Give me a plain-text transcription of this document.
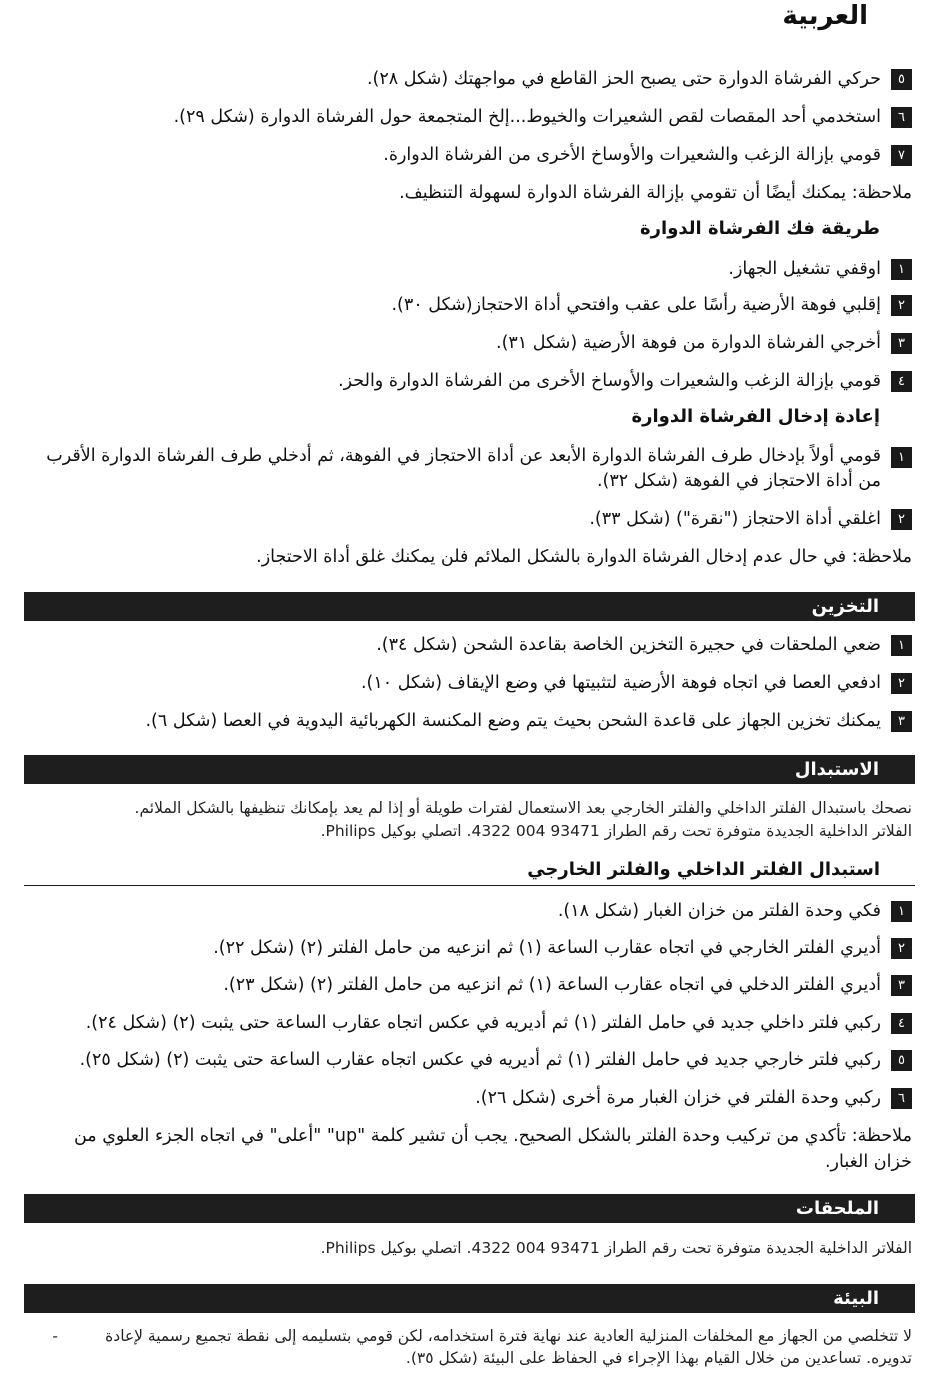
العربية
٥
حركي الفرشاة الدوارة حتى يصبح الحز القاطع في مواجهتك (شكل ٢٨).
٦
استخدمي أحد المقصات لقص الشعيرات والخيوط...إلخ المتجمعة حول الفرشاة الدوارة (شكل ٢٩).
٧
قومي بإزالة الزغب والشعيرات والأوساخ الأخرى من الفرشاة الدوارة.
ملاحظة: يمكنك أيضًا أن تقومي بإزالة الفرشاة الدوارة لسهولة التنظيف.
طريقة فك الفرشاة الدوارة
١
اوقفي تشغيل الجهاز.
٢
إقلبي فوهة الأرضية رأسًا على عقب وافتحي أداة الاحتجاز(شكل ٣٠).
٣
أخرجي الفرشاة الدوارة من فوهة الأرضية (شكل ٣١).
٤
قومي بإزالة الزغب والشعيرات والأوساخ الأخرى من الفرشاة الدوارة والحز.
إعادة إدخال الفرشاة الدوارة
١
قومي أولاً بإدخال طرف الفرشاة الدوارة الأبعد عن أداة الاحتجاز في الفوهة، ثم أدخلي طرف الفرشاة الدوارة الأقرب من أداة الاحتجاز في الفوهة (شكل ٣٢).
٢
اغلقي أداة الاحتجاز ("نقرة") (شكل ٣٣).
ملاحظة: في حال عدم إدخال الفرشاة الدوارة بالشكل الملائم فلن يمكنك غلق أداة الاحتجاز.
التخزين
١
ضعي الملحقات في حجيرة التخزين الخاصة بقاعدة الشحن (شكل ٣٤).
٢
ادفعي العصا في اتجاه فوهة الأرضية لتثبيتها في وضع الإيقاف (شكل ١٠).
٣
يمكنك تخزين الجهاز على قاعدة الشحن بحيث يتم وضع المكنسة الكهربائية اليدوية في العصا (شكل ٦).
الاستبدال
نصحك باستبدال الفلتر الداخلي والفلتر الخارجي بعد الاستعمال لفترات طويلة أو إذا لم يعد بإمكانك تنظيفها بالشكل الملائم.
الفلاتر الداخلية الجديدة متوفرة تحت رقم الطراز 93471 004 4322. اتصلي بوكيل Philips.
استبدال الفلتر الداخلي والفلتر الخارجي
١
فكي وحدة الفلتر من خزان الغبار (شكل ١٨).
٢
أديري الفلتر الخارجي في اتجاه عقارب الساعة (١) ثم انزعيه من حامل الفلتر (٢) (شكل ٢٢).
٣
أديري الفلتر الدخلي في اتجاه عقارب الساعة (١) ثم انزعيه من حامل الفلتر (٢) (شكل ٢٣).
٤
ركبي فلتر داخلي جديد في حامل الفلتر (١) ثم أديريه في عكس اتجاه عقارب الساعة حتى يثبت (٢) (شكل ٢٤).
٥
ركبي فلتر خارجي جديد في حامل الفلتر (١) ثم أديريه في عكس اتجاه عقارب الساعة حتى يثبت (٢) (شكل ٢٥).
٦
ركبي وحدة الفلتر في خزان الغبار مرة أخرى (شكل ٢٦).
ملاحظة: تأكدي من تركيب وحدة الفلتر بالشكل الصحيح. يجب أن تشير كلمة "up" "أعلى" في اتجاه الجزء العلوي من خزان الغبار.
الملحقات
الفلاتر الداخلية الجديدة متوفرة تحت رقم الطراز 93471 004 4322. اتصلي بوكيل Philips.
البيئة
لا تتخلصي من الجهاز مع المخلفات المنزلية العادية عند نهاية فترة استخدامه، لكن قومي بتسليمه إلى نقطة تجميع رسمية لإعادة تدويره. تساعدين من خلال القيام بهذا الإجراء في الحفاظ على البيئة (شكل ٣٥).
-
